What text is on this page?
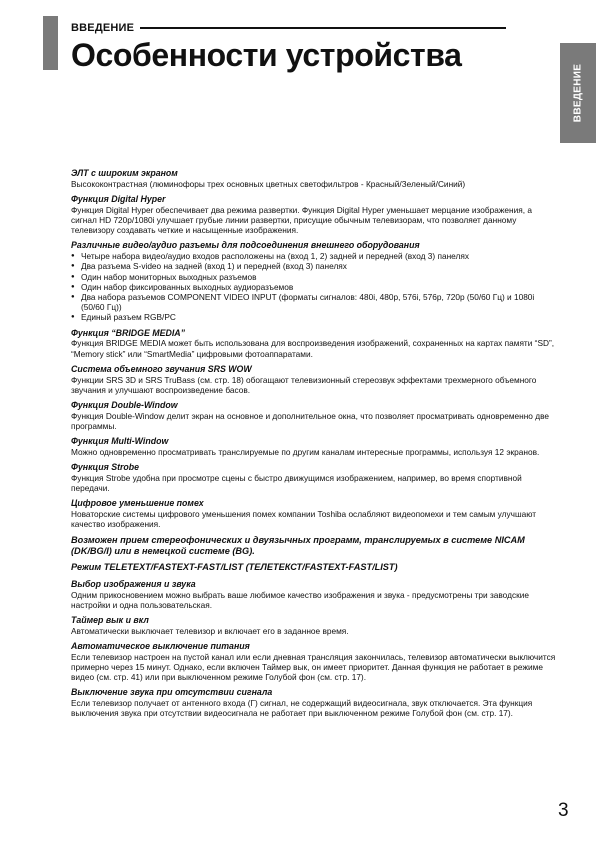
ВВЕДЕНИЕ
Особенности устройства
ВВЕДЕНИЕ
ЭЛТ с широким экраном

Высококонтрастная (люминофоры трех основных цветных светофильтров - Красный/Зеленый/Синий)

Функция Digital Hyper

Функция Digital Hyper обеспечивает два режима развертки. Функция Digital Hyper уменьшает мерцание изображения, а сигнал HD 720p/1080i улучшает грубые линии развертки, присущие обычным телевизорам, что позволяет данному телевизору создавать четкие и насыщенные изображения.

Различные видео/аудио разъемы для подсоединения внешнего оборудования
● Четыре набора видео/аудио входов расположены на (вход 1, 2) задней и передней (вход 3) панелях
● Два разъема S-video на задней (вход 1) и передней (вход 3) панелях
● Один набор мониторных выходных разъемов
● Один набор фиксированных выходных аудиоразъемов
● Два набора разъемов COMPONENT VIDEO INPUT (форматы сигналов: 480i, 480p, 576i, 576p, 720p (50/60 Гц) и 1080i (50/60 Гц))
● Единый разъем RGB/PC
Функция “BRIDGE MEDIA”

Функция BRIDGE MEDIA может быть использована для воспроизведения изображений, сохраненных на картах памяти “SD”, “Memory stick” или “SmartMedia” цифровыми фотоаппаратами.

Система объемного звучания SRS WOW

Функции SRS 3D и SRS TruBass (см. стр. 18) обогащают телевизионный стереозвук эффектами трехмерного объемного звучания и улучшают воспроизведение басов.

Функция Double-Window

Функция Double-Window делит экран на основное и дополнительное окна, что позволяет просматривать одновременно две программы.

Функция Multi-Window

Можно одновременно просматривать транслируемые по другим каналам интересные программы, используя 12 экранов.

Функция Strobe

Функция Strobe удобна при просмотре сцены с быстро движущимся изображением, например, во время спортивной передачи.

Цифровое уменьшение помех

Новаторские системы цифрового уменьшения помех компании Toshiba ослабляют видеопомехи и тем самым улучшают качество изображения.

Возможен прием стереофонических и двуязычных программ, транслируемых в системе NICAM (DK/BG/I) или в немецкой системе (BG).
Режим TELETEXT/FASTEXT-FAST/LIST (ТЕЛЕТЕКСТ/FASTEXT-FAST/LIST)
Выбор изображения и звука

Одним прикосновением можно выбрать ваше любимое качество изображения и звука - предусмотрены три заводские настройки и одна пользовательская.

Таймер вык и вкл

Автоматически выключает телевизор и включает его в заданное время.

Автоматическое выключение питания

Если телевизор настроен на пустой канал или если дневная трансляция закончилась, телевизор автоматически выключится примерно через 15 минут. Однако, если включен Таймер вык, он имеет приоритет. Данная функция не работает в режиме видео (см. стр. 41) или при выключенном режиме Голубой фон (см. стр. 17).

Выключение звука при отсутствии сигнала

Если телевизор получает от антенного входа (Г) сигнал, не содержащий видеосигнала, звук отключается. Эта функция выключения звука при отсутствии видеосигнала не работает при выключенном режиме Голубой фон (см. стр. 17).

3
